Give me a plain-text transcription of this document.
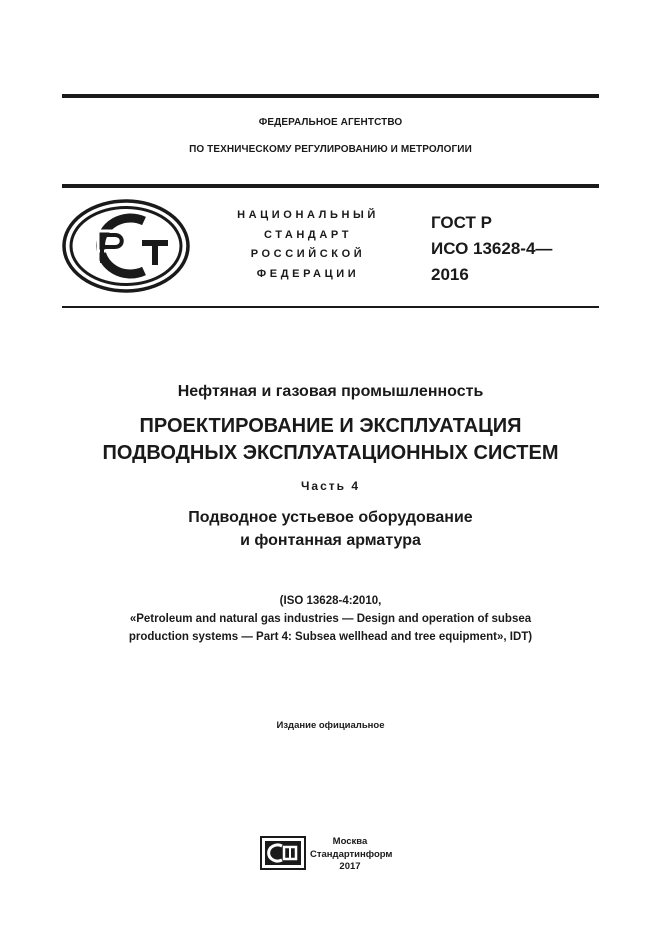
ФЕДЕРАЛЬНОЕ АГЕНТСТВО
ПО ТЕХНИЧЕСКОМУ РЕГУЛИРОВАНИЮ И МЕТРОЛОГИИ
НАЦИОНАЛЬНЫЙ
СТАНДАРТ
РОССИЙСКОЙ
ФЕДЕРАЦИИ
ГОСТ Р
ИСО 13628-4—
2016
Нефтяная и газовая промышленность
ПРОЕКТИРОВАНИЕ И ЭКСПЛУАТАЦИЯ
ПОДВОДНЫХ ЭКСПЛУАТАЦИОННЫХ СИСТЕМ
Часть 4
Подводное устьевое оборудование
и фонтанная арматура
(ISO 13628-4:2010,
«Petroleum and natural gas industries — Design and operation of subsea
production systems — Part 4: Subsea wellhead and tree equipment», IDT)
Издание официальное
Москва
Стандартинформ
2017
